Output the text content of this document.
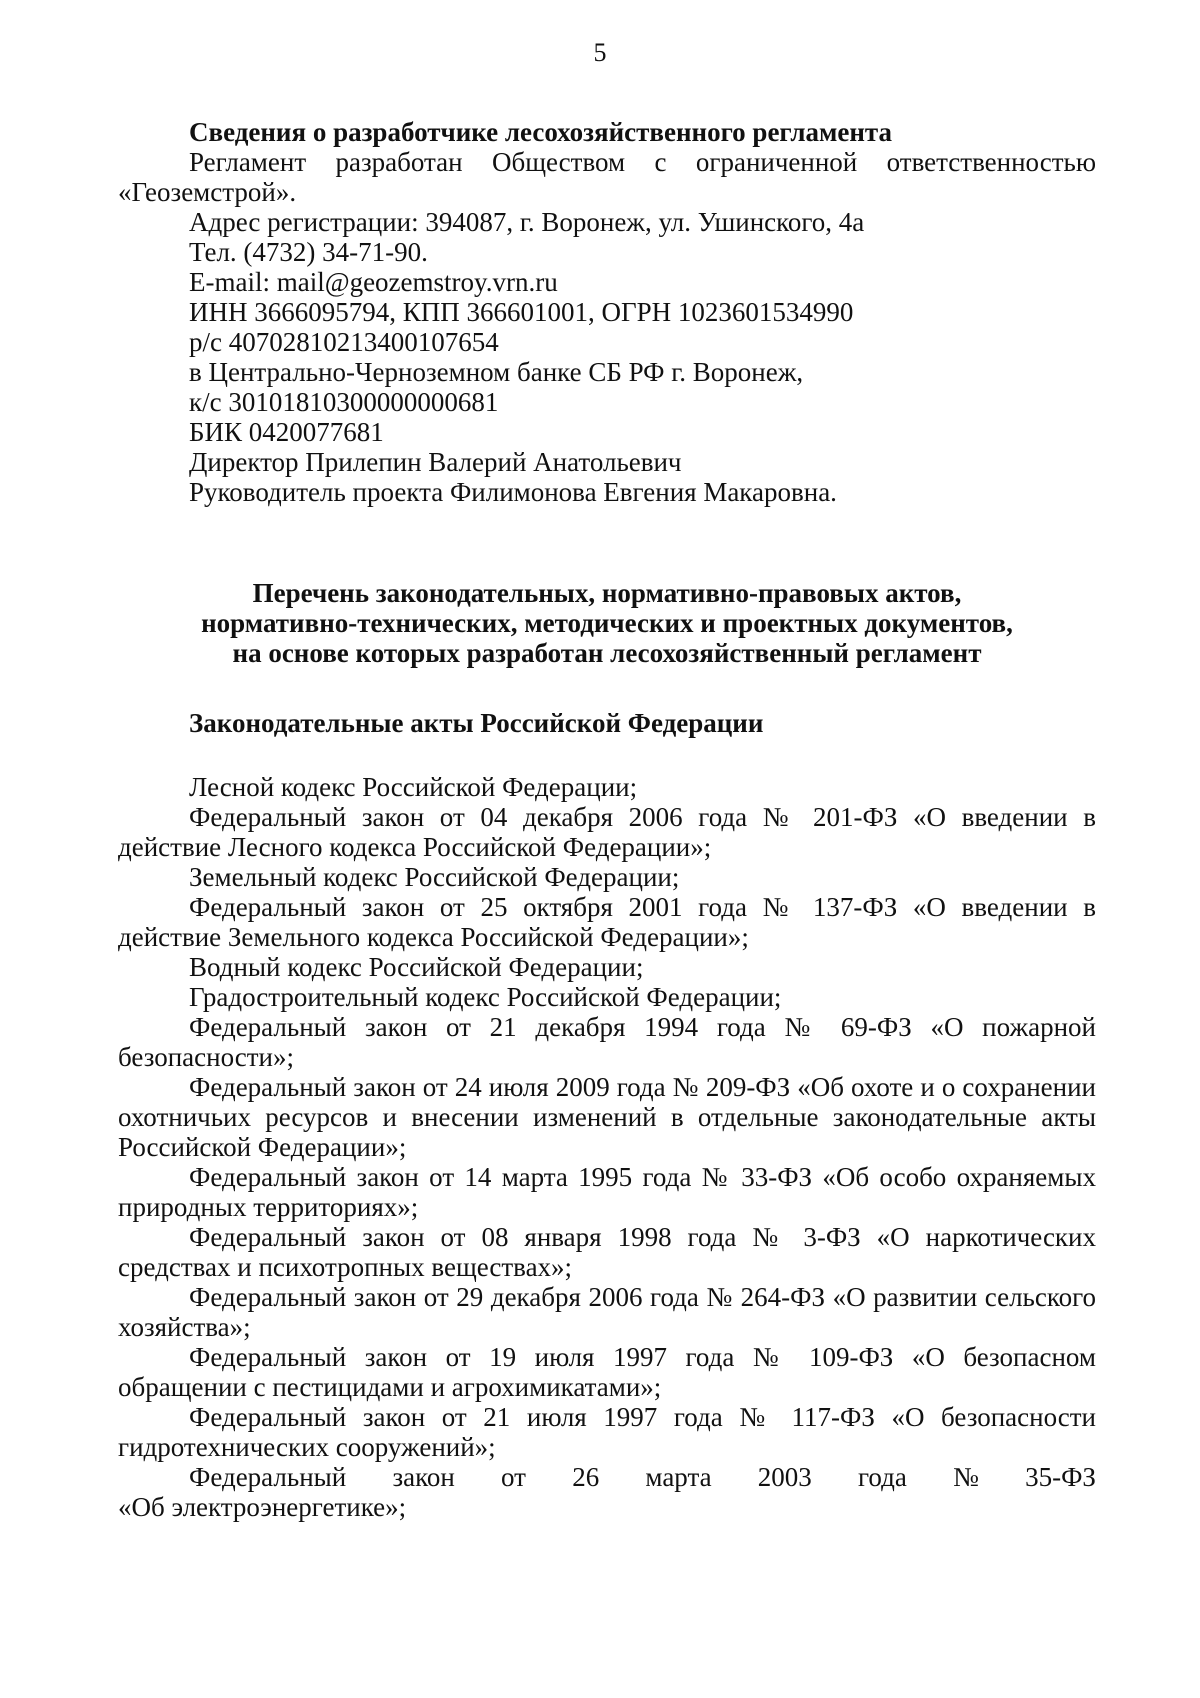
5

Сведения о разработчике лесохозяйственного регламента

Регламент разработан Обществом с ограниченной ответственностью «Геоземстрой».

Адрес регистрации: 394087, г. Воронеж, ул. Ушинского, 4а

Тел. (4732) 34-71-90.

E-mail: mail@geozemstroy.vrn.ru

ИНН 3666095794, КПП 366601001, ОГРН 1023601534990

р/с 40702810213400107654

в Центрально-Черноземном банке СБ РФ г. Воронеж,

к/с 30101810300000000681

БИК 0420077681

Директор Прилепин Валерий Анатольевич

Руководитель проекта Филимонова Евгения Макаровна.

Перечень законодательных, нормативно-правовых актов,

нормативно-технических, методических и проектных документов,

на основе которых разработан лесохозяйственный регламент

Законодательные акты Российской Федерации

Лесной кодекс Российской Федерации;

Федеральный закон от 04 декабря 2006 года № 201-ФЗ «О введении в действие Лесного кодекса Российской Федерации»;

Земельный кодекс Российской Федерации;

Федеральный закон от 25 октября 2001 года № 137-ФЗ «О введении в действие Земельного кодекса Российской Федерации»;

Водный кодекс Российской Федерации;

Градостроительный кодекс Российской Федерации;

Федеральный закон от 21 декабря 1994 года № 69-ФЗ «О пожарной безопасности»;

Федеральный закон от 24 июля 2009 года № 209-ФЗ «Об охоте и о сохранении охотничьих ресурсов и внесении изменений в отдельные законодательные акты Российской Федерации»;

Федеральный закон от 14 марта 1995 года № 33-ФЗ «Об особо охраняемых природных территориях»;

Федеральный закон от 08 января 1998 года № 3-ФЗ «О наркотических средствах и психотропных веществах»;

Федеральный закон от 29 декабря 2006 года № 264-ФЗ «О развитии сельского хозяйства»;

Федеральный закон от 19 июля 1997 года № 109-ФЗ «О безопасном обращении с пестицидами и агрохимикатами»;

Федеральный закон от 21 июля 1997 года № 117-ФЗ «О безопасности гидротехнических сооружений»;

Федеральный закон от 26 марта 2003 года № 35-ФЗ

«Об электроэнергетике»;
